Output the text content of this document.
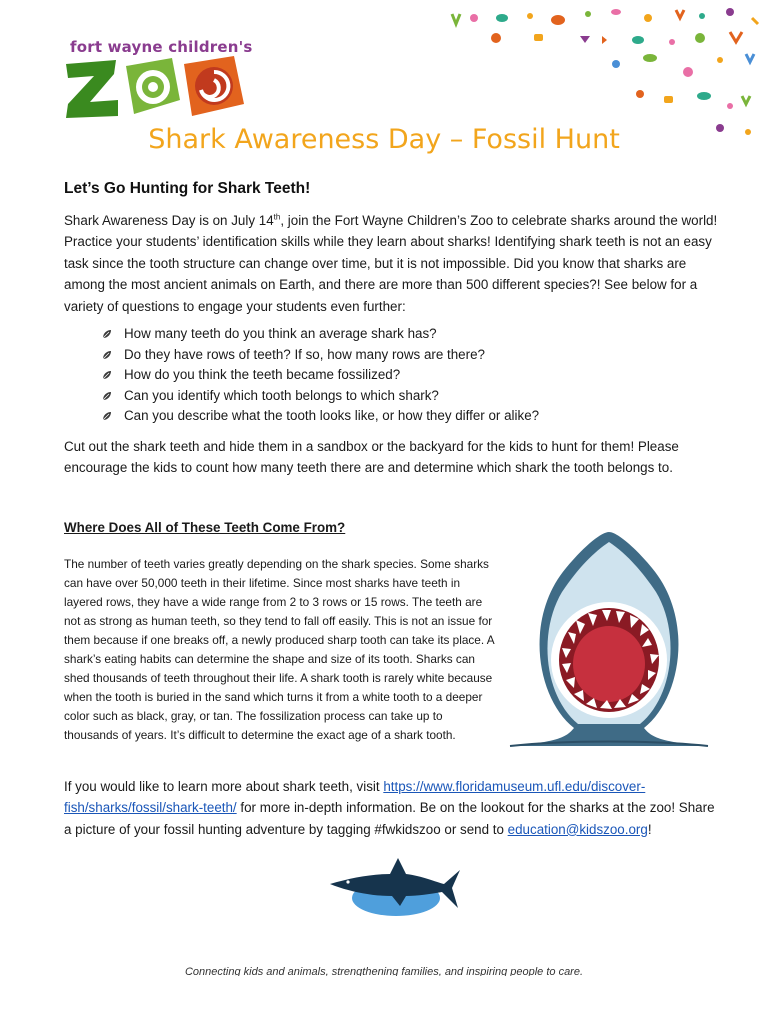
fort wayne children's
Shark Awareness Day – Fossil Hunt
Let’s Go Hunting for Shark Teeth!

Shark Awareness Day is on July 14th, join the Fort Wayne Children’s Zoo to celebrate sharks around the world! Practice your students’ identification skills while they learn about sharks! Identifying shark teeth is not an easy task since the tooth structure can change over time, but it is not impossible. Did you know that sharks are among the most ancient animals on Earth, and there are more than 500 different species?! See below for a variety of questions to engage your students even further:

How many teeth do you think an average shark has?
Do they have rows of teeth? If so, how many rows are there?
How do you think the teeth became fossilized?
Can you identify which tooth belongs to which shark?
Can you describe what the tooth looks like, or how they differ or alike?

Cut out the shark teeth and hide them in a sandbox or the backyard for the kids to hunt for them! Please encourage the kids to count how many teeth there are and determine which shark the tooth belongs to.

Where Does All of These Teeth Come From?

The number of teeth varies greatly depending on the shark species. Some sharks can have over 50,000 teeth in their lifetime. Since most sharks have teeth in layered rows, they have a wide range from 2 to 3 rows or 15 rows. The teeth are not as strong as human teeth, so they tend to fall off easily. This is not an issue for them because if one breaks off, a newly produced sharp tooth can take its place. A shark’s eating habits can determine the shape and size of its tooth. Sharks can shed thousands of teeth throughout their life. A shark tooth is rarely white because when the tooth is buried in the sand which turns it from a white tooth to a deeper color such as black, gray, or tan. The fossilization process can take up to thousands of years. It’s difficult to determine the exact age of a shark tooth.

If you would like to learn more about shark teeth, visit https://www.floridamuseum.ufl.edu/discover-fish/sharks/fossil/shark-teeth/ for more in-depth information. Be on the lookout for the sharks at the zoo! Share a picture of your fossil hunting adventure by tagging #fwkidszoo or send to education@kidszoo.org!

Connecting kids and animals, strengthening families, and inspiring people to care.
